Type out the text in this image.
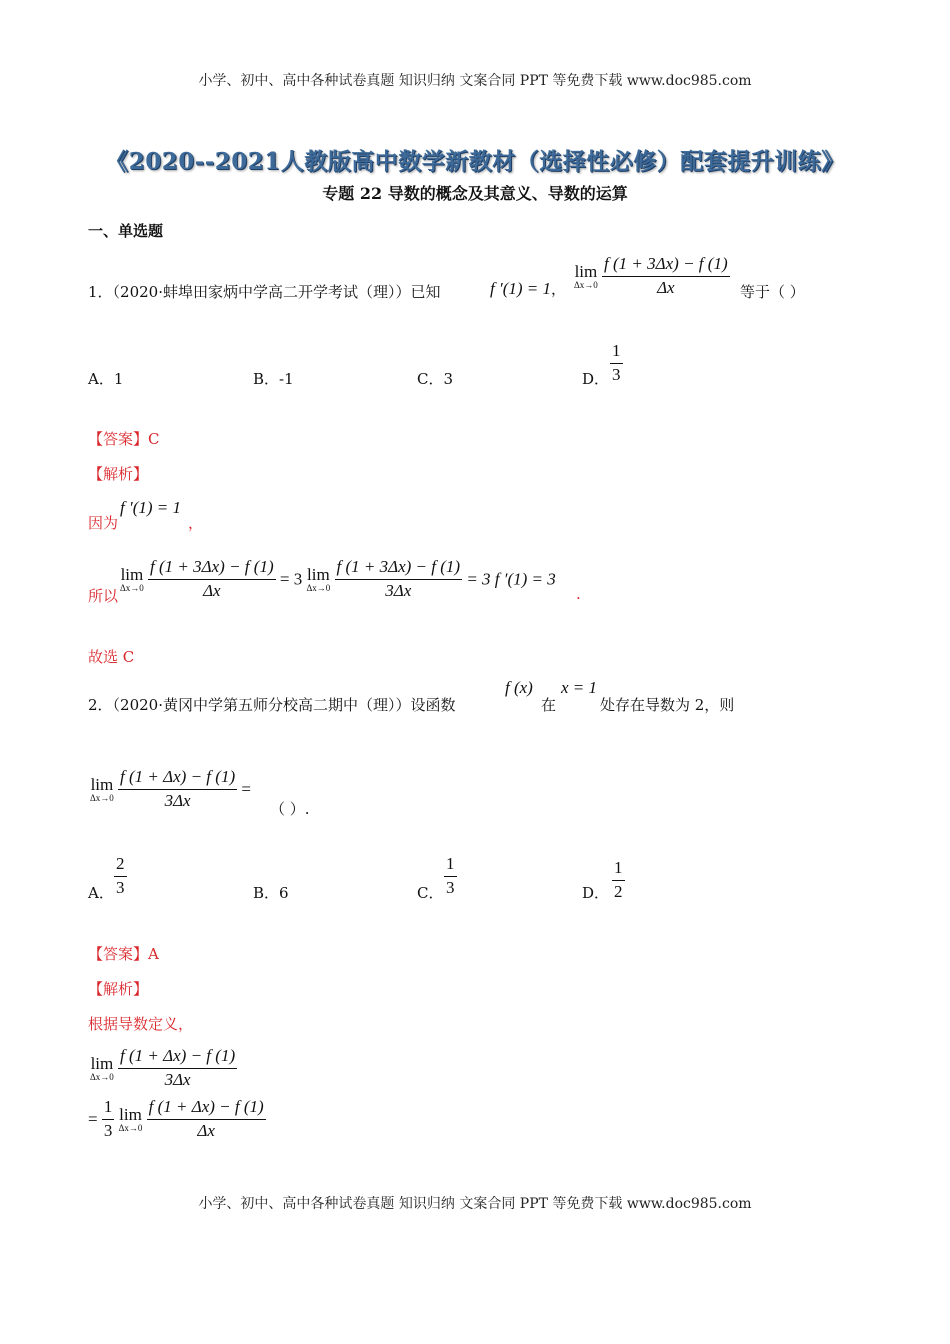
小学、初中、高中各种试卷真题 知识归纳 文案合同 PPT 等免费下载 www.doc985.com
《2020--2021人教版高中数学新教材（选择性必修）配套提升训练》
专题 22 导数的概念及其意义、导数的运算
一、单选题
1．（2020·蚌埠田家炳中学高二开学考试（理））已知	f ′(1) = 1，
lim
Δx→0
$\frac{f (1 + 3\Delta x) - f (1)}{\Delta x}$ 等于（ ）
A．1	B．-1	C．3	D． $\frac{1}{3}$
【答案】C
【解析】
因为
f ′(1) = 1
，
所以
lim
Δx→0
$\frac{f (1 + 3\Delta x) - f (1)}{\Delta x} = 3$ lim
Δx→0
$\frac{f (1 + 3\Delta x) - f (1)}{3\Delta x} = 3$ f ′(1) = 3
.
故选 C
2．（2020·黄冈中学第五师分校高二期中（理））设函数
f (x)
在
x = 1
处存在导数为 2，则
lim
Δx→0
$\frac{f (1 + \Delta x) - f (1)}{3\Delta x}$ =
（ ）.
A． $\frac{2}{3}$	B．6	C． $\frac{1}{3}$	D． $\frac{1}{2}$
【答案】A
【解析】
根据导数定义，
lim
Δx→0
$\frac{f (1 + \Delta x) - f (1)}{3\Delta x}$
= $\frac{1}{3}$
lim
Δx→0
$\frac{f (1 + \Delta x) - f (1)}{\Delta x}$
小学、初中、高中各种试卷真题 知识归纳 文案合同 PPT 等免费下载 www.doc985.com
